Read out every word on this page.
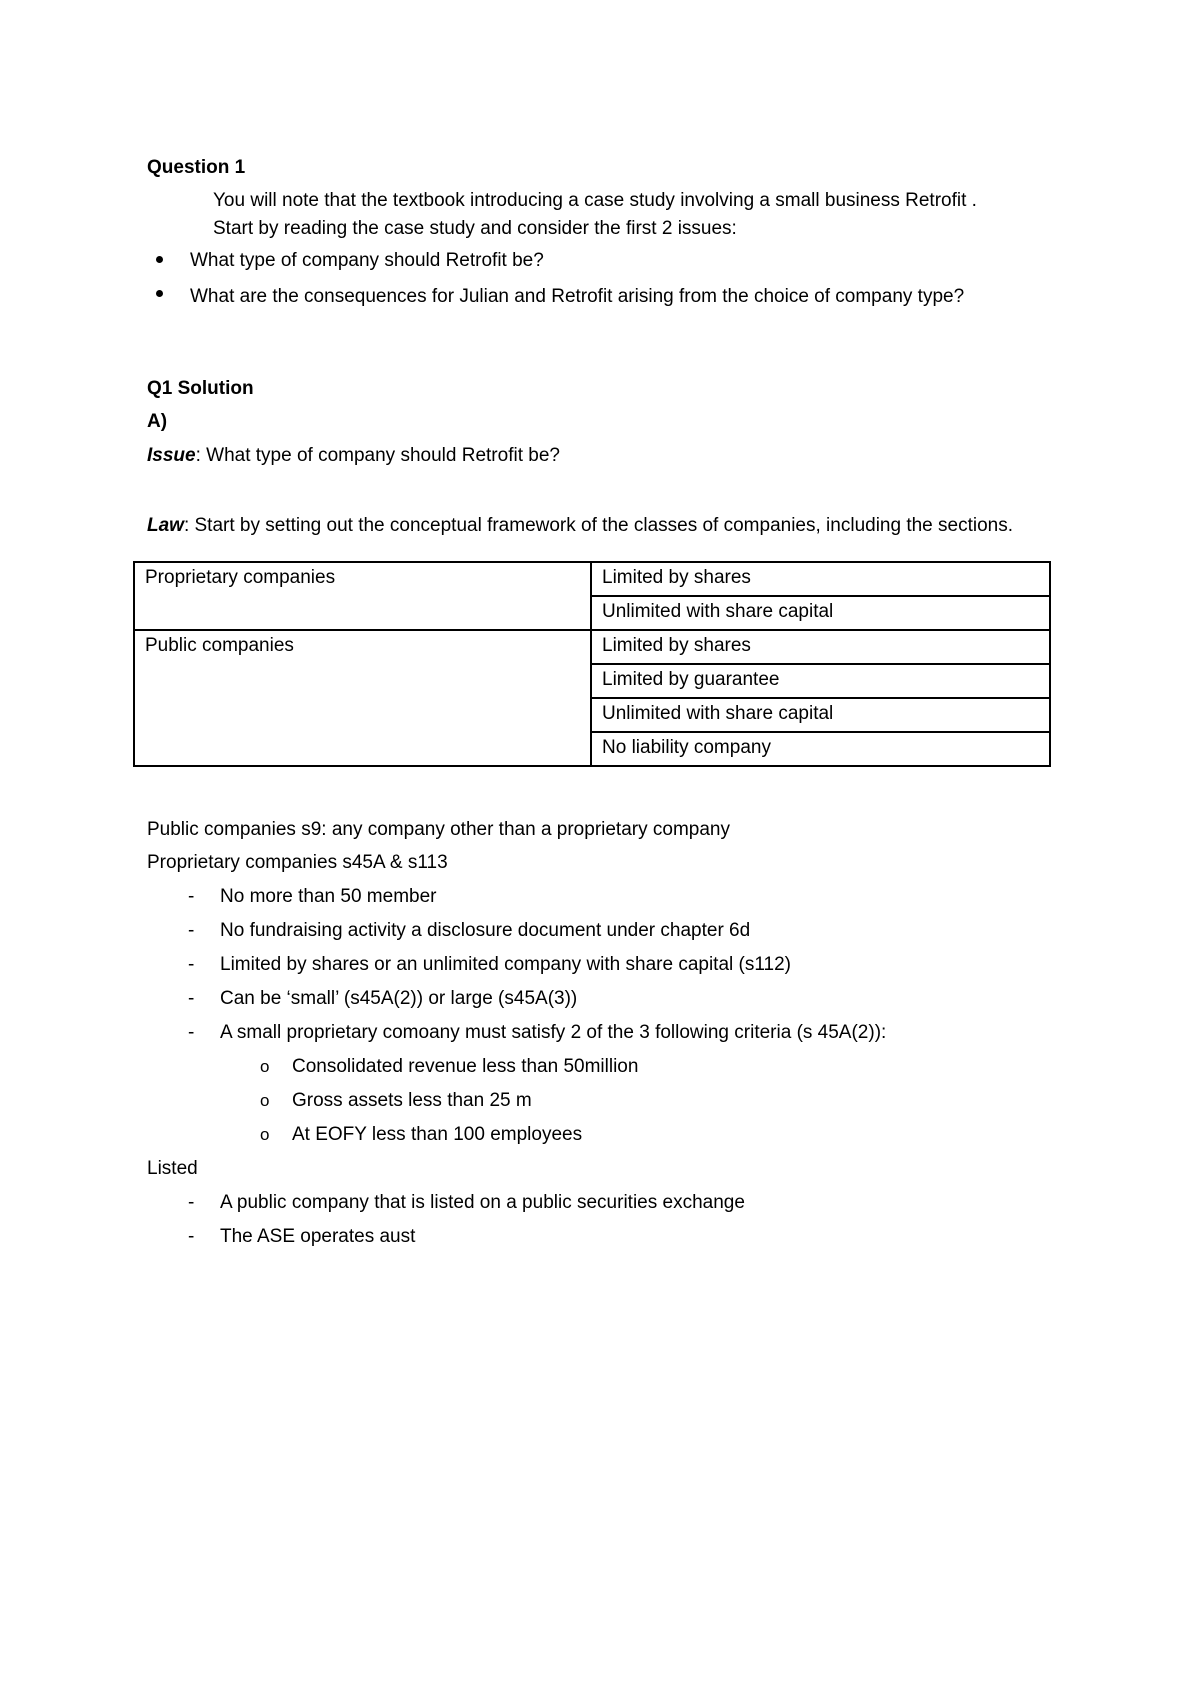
Question 1
You will note that the textbook introducing a case study involving a small business Retrofit .
Start by reading the case study and consider the first 2 issues:
What type of company should Retrofit be?
What are the consequences for Julian and Retrofit arising from the choice of company type?
Q1 Solution
A)
Issue: What type of company should Retrofit be?
Law: Start by setting out the conceptual framework of the classes of companies, including the sections.
Proprietary companies	Limited by shares
	Unlimited with share capital
Public companies	Limited by shares
	Limited by guarantee
	Unlimited with share capital
	No liability company
Public companies s9: any company other than a proprietary company
Proprietary companies s45A & s113
- No more than 50 member
- No fundraising activity a disclosure document under chapter 6d
- Limited by shares or an unlimited company with share capital (s112)
- Can be ‘small’ (s45A(2)) or large (s45A(3))
- A small proprietary comoany must satisfy 2 of the 3 following criteria (s 45A(2)):
o Consolidated revenue less than 50million
o Gross assets less than 25 m
o At EOFY less than 100 employees
Listed
- A public company that is listed on a public securities exchange
- The ASE operates aust
